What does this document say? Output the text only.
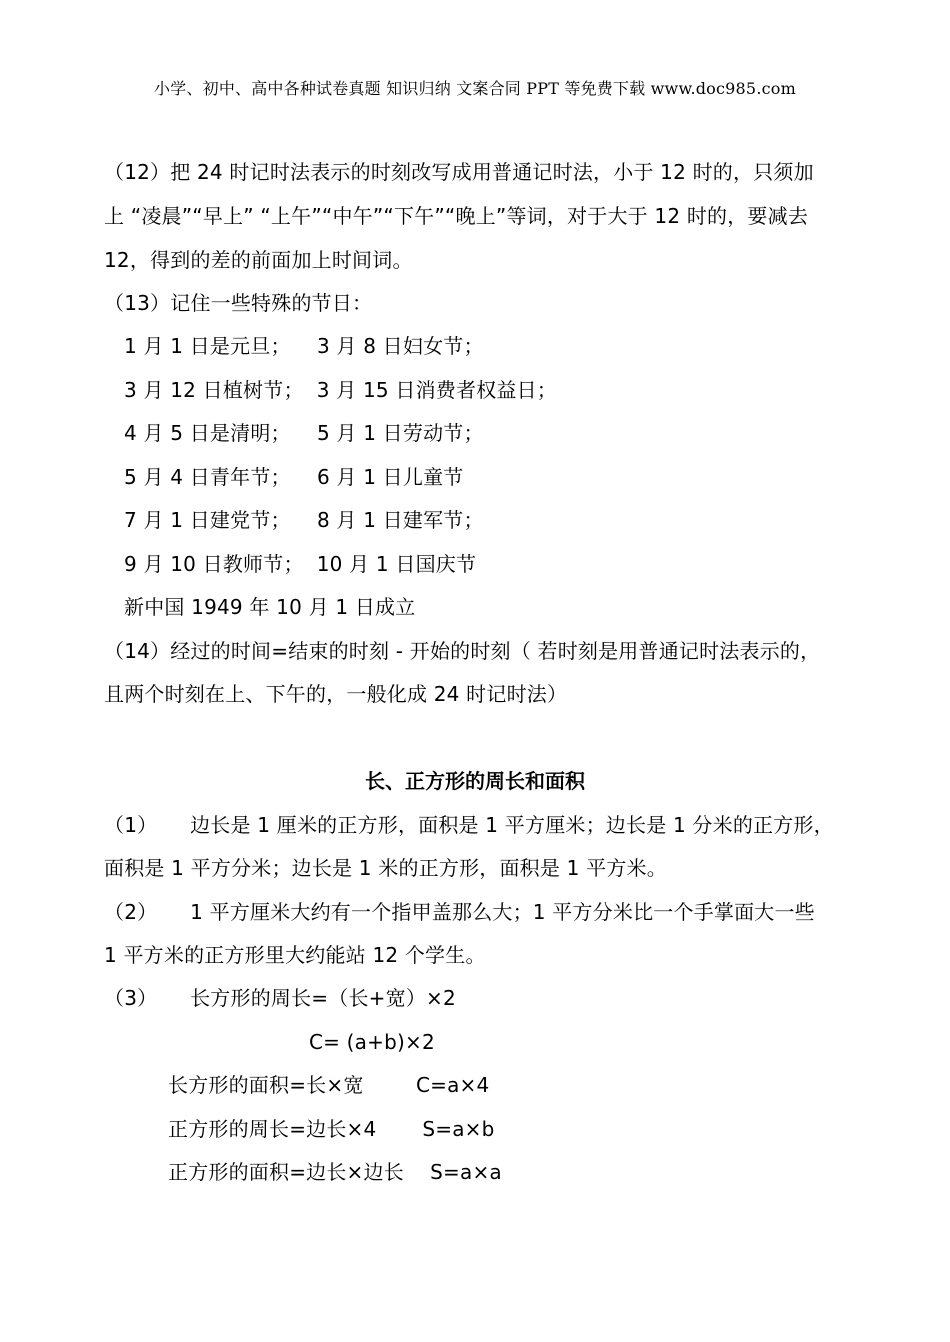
小学、初中、高中各种试卷真题 知识归纳 文案合同 PPT 等免费下载 www.doc985.com
（12）把 24 时记时法表示的时刻改写成用普通记时法，小于 12 时的，只须加
上 “凌晨”“早上” “上午”“中午”“下午”“晚上”等词，对于大于 12 时的，要减去
12，得到的差的前面加上时间词。
（13）记住一些特殊的节日：
1 月 1 日是元旦；    3 月 8 日妇女节；
3 月 12 日植树节；  3 月 15 日消费者权益日；
4 月 5 日是清明；    5 月 1 日劳动节；
5 月 4 日青年节；    6 月 1 日儿童节
7 月 1 日建党节；    8 月 1 日建军节；
9 月 10 日教师节；  10 月 1 日国庆节
新中国 1949 年 10 月 1 日成立
（14）经过的时间=结束的时刻 - 开始的时刻（ 若时刻是用普通记时法表示的，
且两个时刻在上、下午的，一般化成 24 时记时法）
长、正方形的周长和面积
（1）     边长是 1 厘米的正方形，面积是 1 平方厘米；边长是 1 分米的正方形，
面积是 1 平方分米；边长是 1 米的正方形，面积是 1 平方米。
（2）     1 平方厘米大约有一个指甲盖那么大；1 平方分米比一个手掌面大一些
1 平方米的正方形里大约能站 12 个学生。
（3）     长方形的周长=（长+宽）×2
C= (a+b)×2
长方形的面积=长×宽        C=a×4
正方形的周长=边长×4       S=a×b
正方形的面积=边长×边长    S=a×a
